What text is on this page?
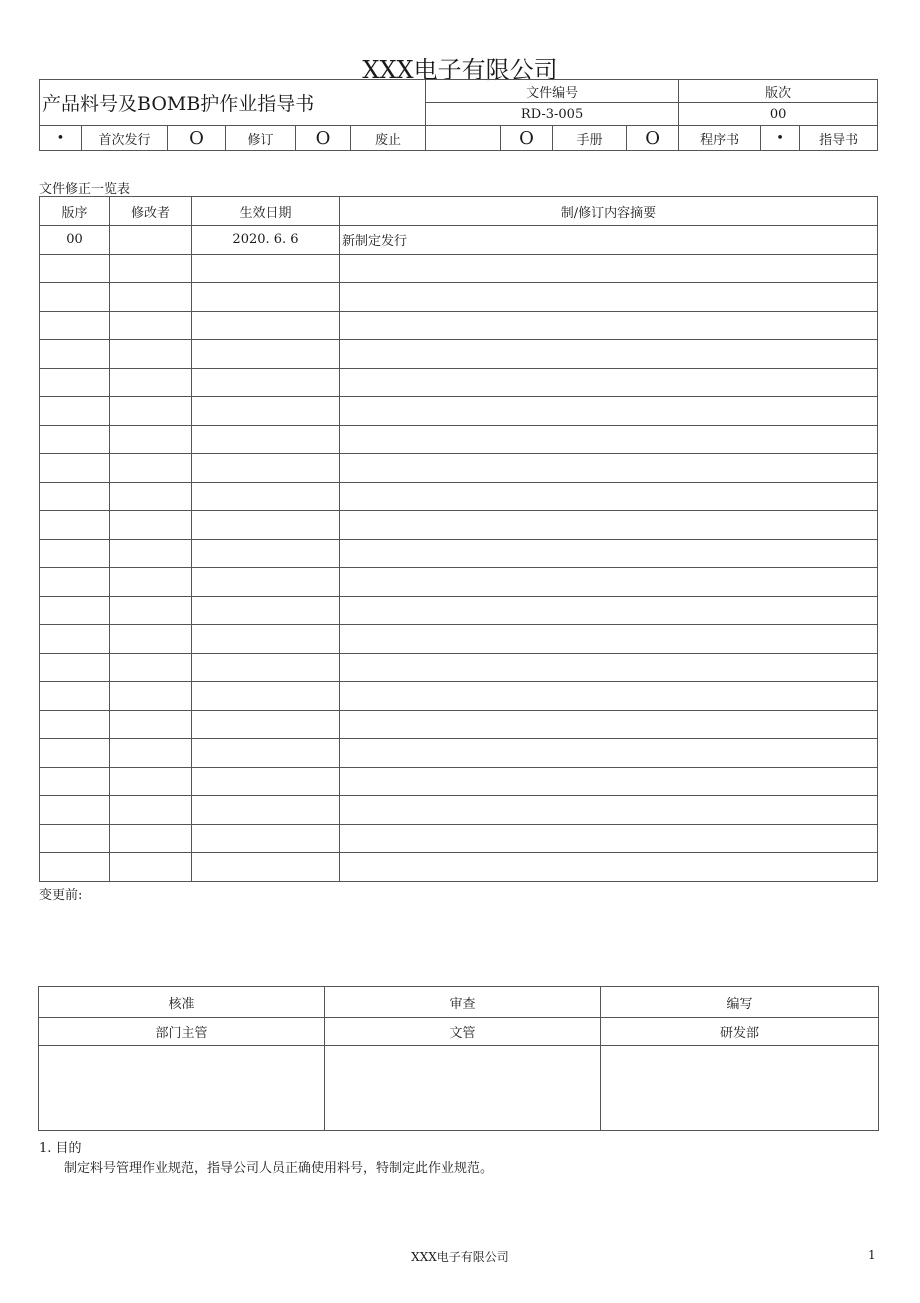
XXX电子有限公司
产品料号及BOMB护作业指导书						文件编号				版次		
						RD-3-005				00		
•	首次发行	O	修订	O	废止		O	手册	O	程序书	•	指导书
文件修正一览表
版序	修改者	生效日期	制/修订内容摘要
00		2020. 6. 6	新制定发行

变更前:
核准	审查	编写
部门主管	文管	研发部

1. 目的
制定料号管理作业规范，指导公司人员正确使用料号，特制定此作业规范。
XXX电子有限公司	1
